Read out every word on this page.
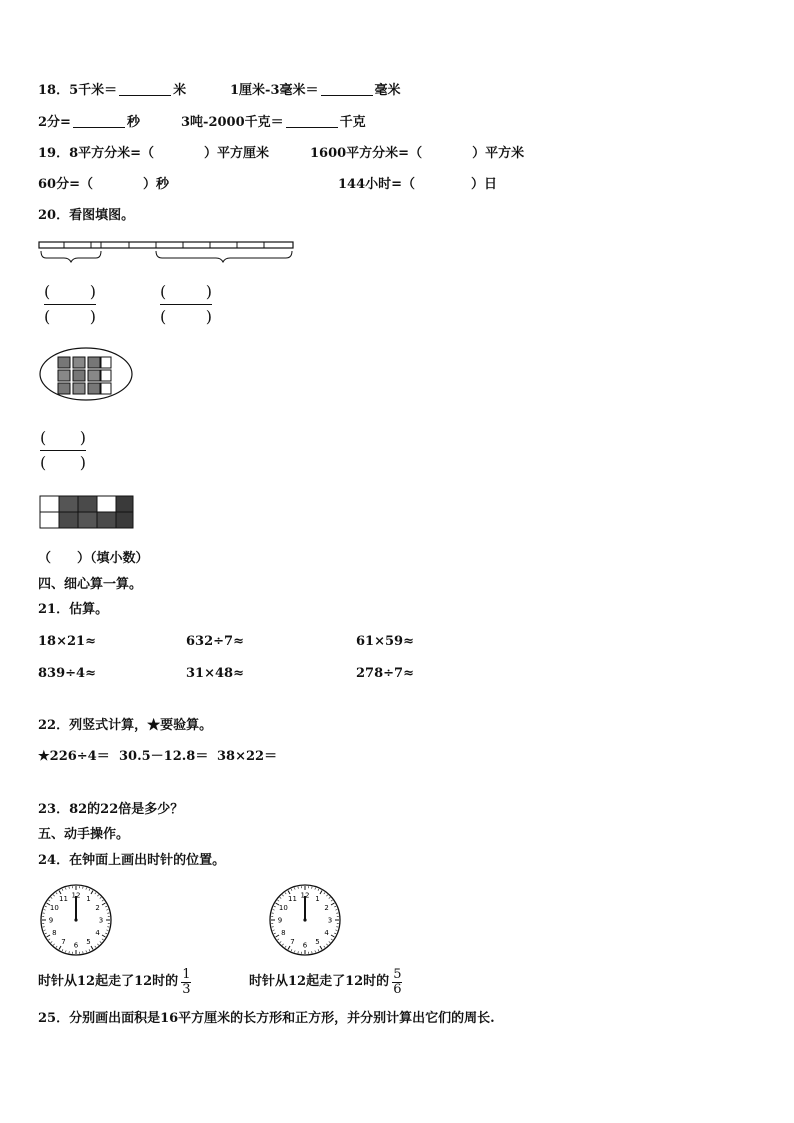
18．5千米＝	米	1厘米-3毫米＝	毫米
2分=	秒	3吨-2000千克＝	千克
19．8平方分米=（	）平方厘米	1600平方分米=（	）平方米
60分=（	）秒	144小时=（	）日
20．看图填图。
( )
( )
( )
( )
( )
( )
（　　）（填小数）
四、细心算一算。
21．估算。
18×21≈	632÷7≈	61×59≈
839÷4≈	31×48≈	278÷7≈
22．列竖式计算，★要验算。
★226÷4＝ 30.5－12.8＝ 38×22＝
23．82的22倍是多少？
五、动手操作。
24．在钟面上画出时针的位置。
12 1
2
3
4
5
6
7
8
9
10
11	12 1
2
3
4
5
6
7
8
9
10
11
时针从12起走了12时的 $\frac{1}{3}$	时针从12起走了12时的 $\frac{5}{6}$
25．分别画出面积是16平方厘米的长方形和正方形，并分别计算出它们的周长.
